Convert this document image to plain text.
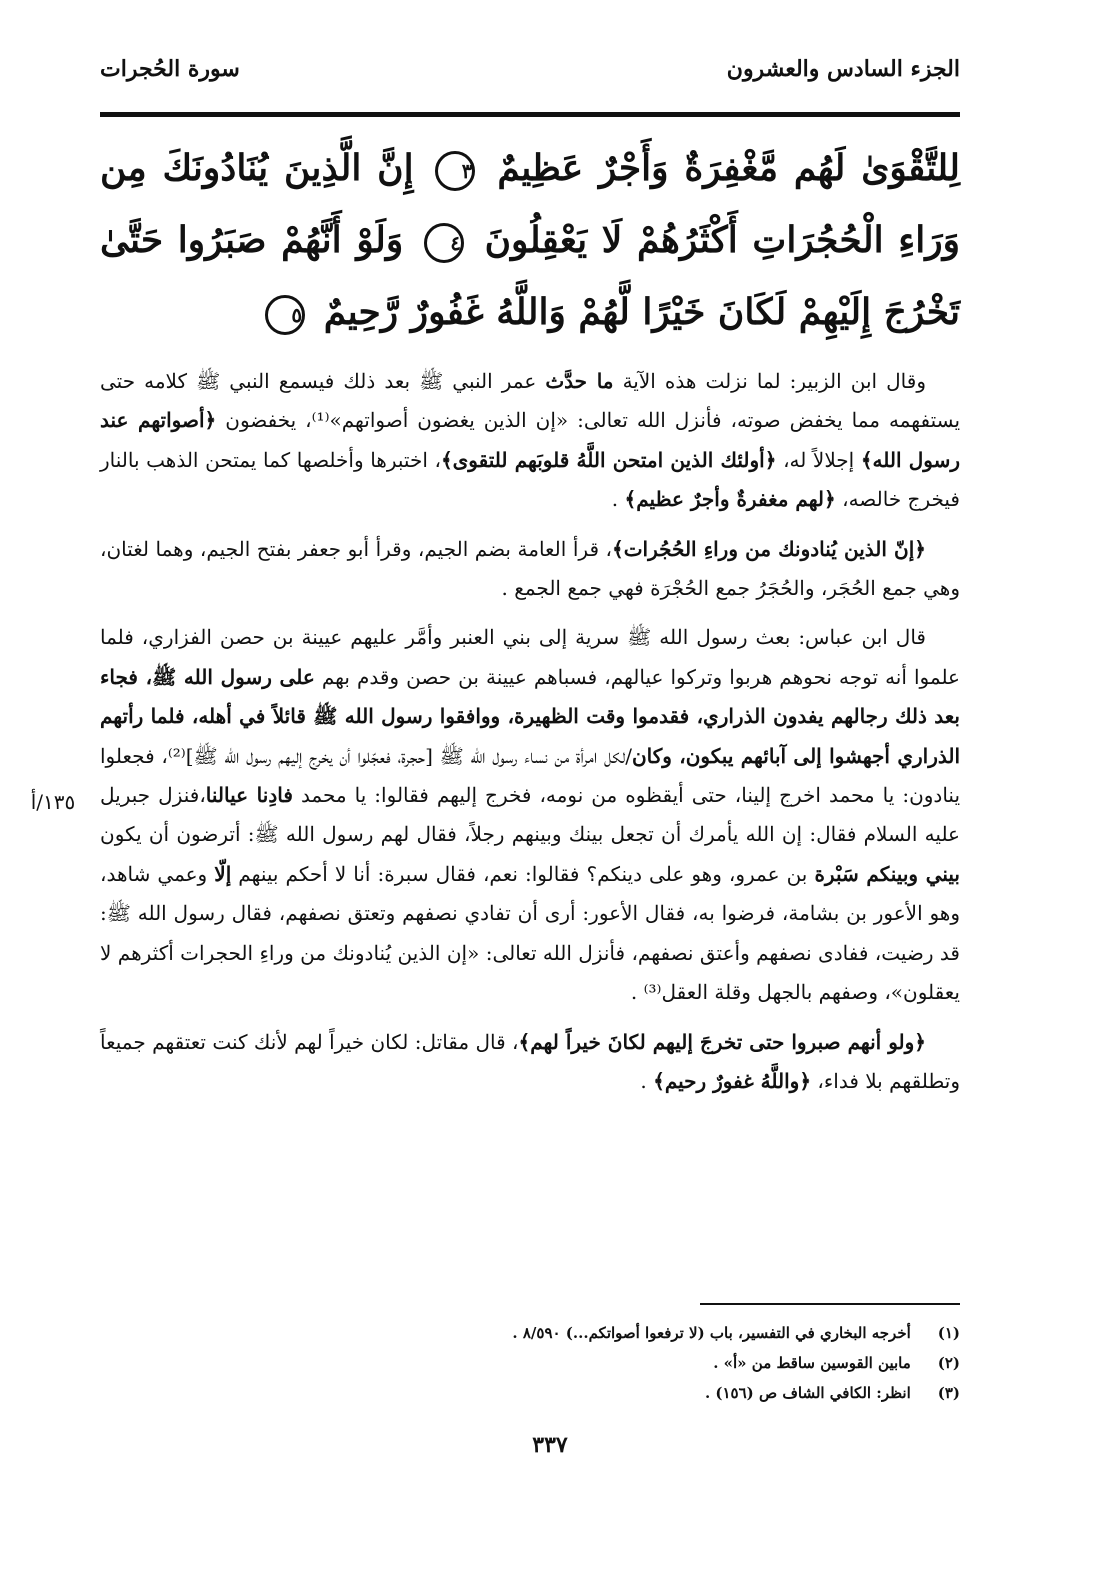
الجزء السادس والعشرون
سورة الحُجرات
لِلتَّقْوَىٰ لَهُم مَّغْفِرَةٌ وَأَجْرٌ عَظِيمٌ ٣ إِنَّ الَّذِينَ يُنَادُونَكَ مِن وَرَاءِ الْحُجُرَاتِ أَكْثَرُهُمْ لَا يَعْقِلُونَ ٤ وَلَوْ أَنَّهُمْ صَبَرُوا حَتَّىٰ تَخْرُجَ إِلَيْهِمْ لَكَانَ خَيْرًا لَّهُمْ وَاللَّهُ غَفُورٌ رَّحِيمٌ ٥

وقال ابن الزبير: لما نزلت هذه الآية ما حدَّث عمر النبي ﷺ بعد ذلك فيسمع النبي ﷺ كلامه حتى يستفهمه مما يخفض صوته، فأنزل الله تعالى: «إن الذين يغضون أصواتهم»⁽¹⁾، يخفضون ﴿أصواتهم عند رسول الله﴾ إجلالاً له، ﴿أولئك الذين امتحن اللَّهُ قلوبَهم للتقوى﴾، اختبرها وأخلصها كما يمتحن الذهب بالنار فيخرج خالصه، ﴿لهم مغفرةٌ وأجرٌ عظيم﴾ .

﴿إنّ الذين يُنادونك من وراءِ الحُجُرات﴾، قرأ العامة بضم الجيم، وقرأ أبو جعفر بفتح الجيم، وهما لغتان، وهي جمع الحُجَر، والحُجَرُ جمع الحُجْرَة فهي جمع الجمع .

قال ابن عباس: بعث رسول الله ﷺ سرية إلى بني العنبر وأمَّر عليهم عيينة بن حصن الفزاري، فلما علموا أنه توجه نحوهم هربوا وتركوا عيالهم، فسباهم عيينة بن حصن وقدم بهم على رسول الله ﷺ، فجاء بعد ذلك رجالهم يفدون الذراري، فقدموا وقت الظهيرة، ووافقوا رسول الله ﷺ قائلاً في أهله، فلما رأتهم الذراري أجهشوا إلى آبائهم يبكون، وكان/لكل امرأة من نساء رسول الله ﷺ [حجرة، فعجّلوا أن يخرج إليهم رسول الله ﷺ]⁽²⁾، فجعلوا ينادون: يا محمد اخرج إلينا، حتى أيقظوه من نومه، فخرج إليهم فقالوا: يا محمد فادِنا عيالنا،فنزل جبريل عليه السلام فقال: إن الله يأمرك أن تجعل بينك وبينهم رجلاً، فقال لهم رسول الله ﷺ: أترضون أن يكون بيني وبينكم سَبْرة بن عمرو، وهو على دينكم؟ فقالوا: نعم، فقال سبرة: أنا لا أحكم بينهم إلّا وعمي شاهد، وهو الأعور بن بشامة، فرضوا به، فقال الأعور: أرى أن تفادي نصفهم وتعتق نصفهم، فقال رسول الله ﷺ: قد رضيت، ففادى نصفهم وأعتق نصفهم، فأنزل الله تعالى: «إن الذين يُنادونك من وراءِ الحجرات أكثرهم لا يعقلون»، وصفهم بالجهل وقلة العقل⁽³⁾ .

﴿ولو أنهم صبروا حتى تخرجَ إليهم لكانَ خيراً لهم﴾، قال مقاتل: لكان خيراً لهم لأنك كنت تعتقهم جميعاً وتطلقهم بلا فداء، ﴿واللَّهُ غفورٌ رحيم﴾ .

١٣٥/أ
(١) أخرجه البخاري في التفسير، باب (لا ترفعوا أصواتكم...) ٨/٥٩٠ .
(٢) مابين القوسين ساقط من «أ» .
(٣) انظر: الكافي الشاف ص (١٥٦) .
٣٣٧
